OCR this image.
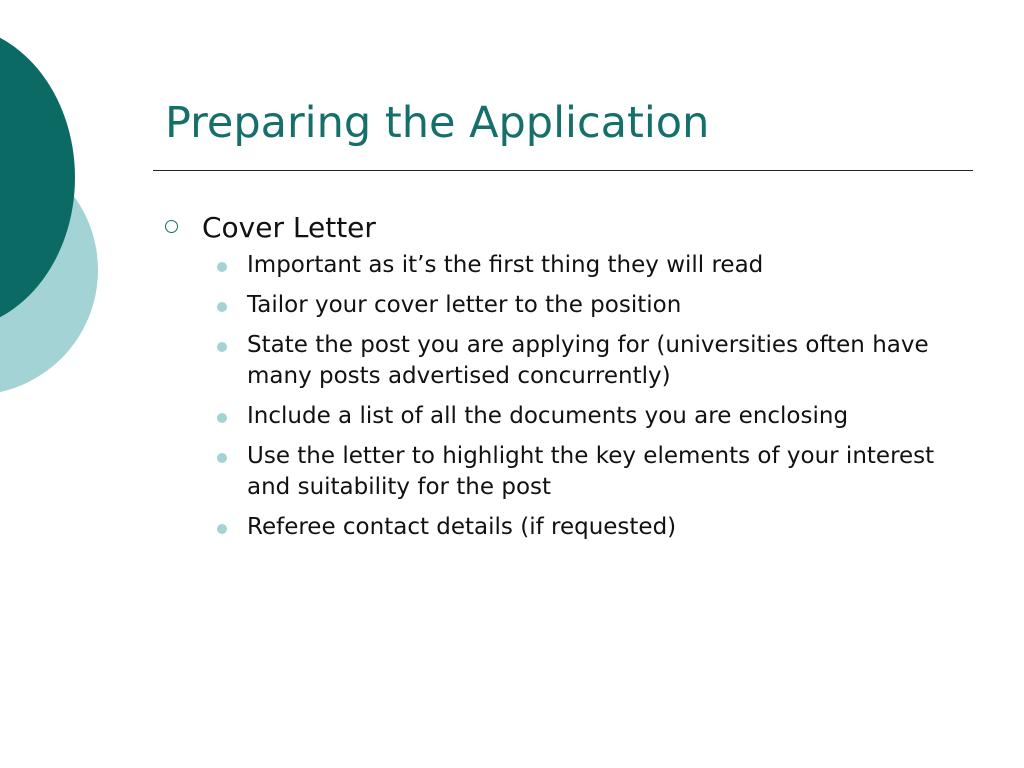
Preparing the Application
Cover Letter
Important as it’s the first thing they will read
Tailor your cover letter to the position
State the post you are applying for (universities often have many posts advertised concurrently)
Include a list of all the documents you are enclosing
Use the letter to highlight the key elements of your interest and suitability for the post
Referee contact details (if requested)
